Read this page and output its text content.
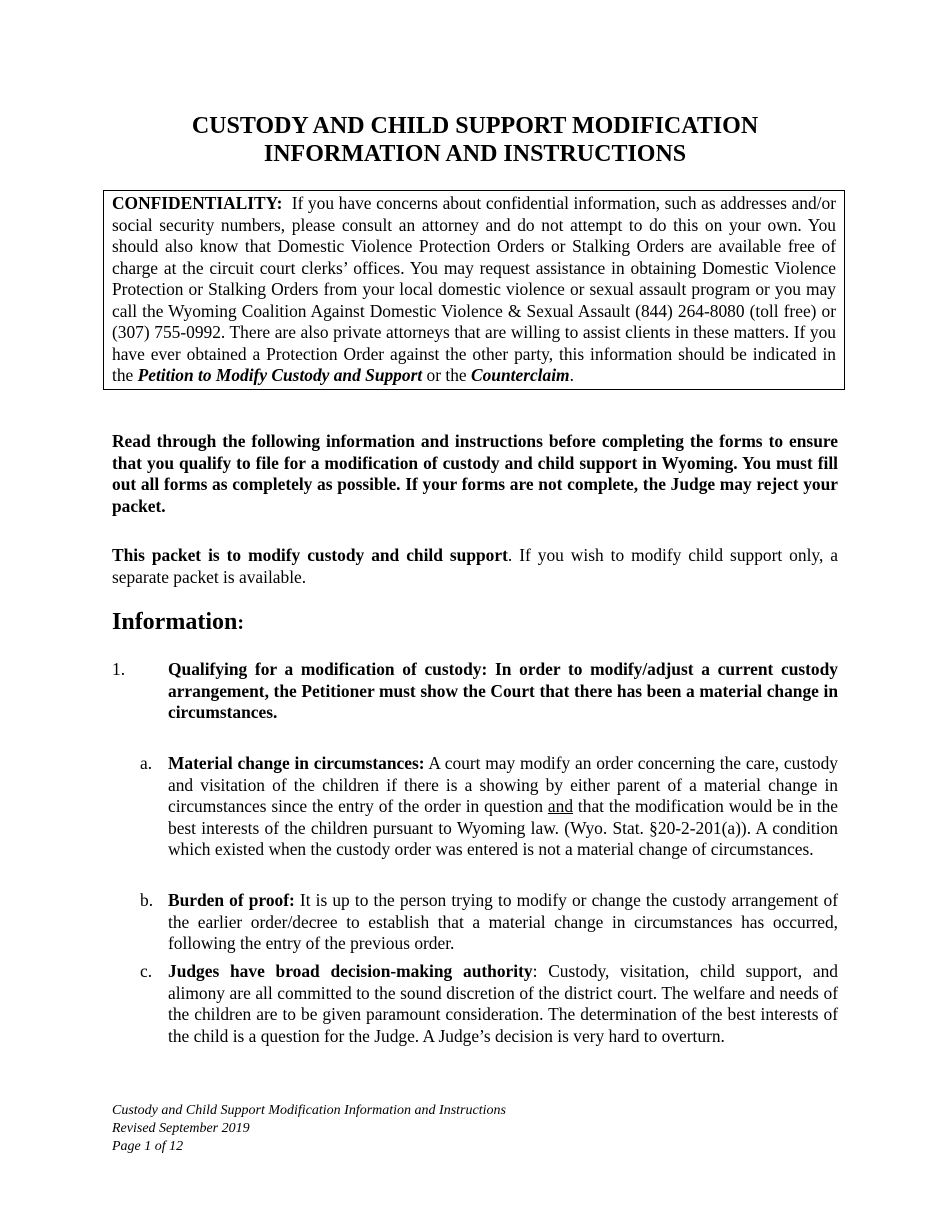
CUSTODY AND CHILD SUPPORT MODIFICATION
INFORMATION AND INSTRUCTIONS
CONFIDENTIALITY: If you have concerns about confidential information, such as addresses and/or social security numbers, please consult an attorney and do not attempt to do this on your own. You should also know that Domestic Violence Protection Orders or Stalking Orders are available free of charge at the circuit court clerks’ offices. You may request assistance in obtaining Domestic Violence Protection or Stalking Orders from your local domestic violence or sexual assault program or you may call the Wyoming Coalition Against Domestic Violence & Sexual Assault (844) 264-8080 (toll free) or (307) 755-0992. There are also private attorneys that are willing to assist clients in these matters. If you have ever obtained a Protection Order against the other party, this information should be indicated in the Petition to Modify Custody and Support or the Counterclaim.
Read through the following information and instructions before completing the forms to ensure that you qualify to file for a modification of custody and child support in Wyoming. You must fill out all forms as completely as possible. If your forms are not complete, the Judge may reject your packet.
This packet is to modify custody and child support. If you wish to modify child support only, a separate packet is available.
Information:
1. Qualifying for a modification of custody: In order to modify/adjust a current custody arrangement, the Petitioner must show the Court that there has been a material change in circumstances.
a. Material change in circumstances: A court may modify an order concerning the care, custody and visitation of the children if there is a showing by either parent of a material change in circumstances since the entry of the order in question and that the modification would be in the best interests of the children pursuant to Wyoming law. (Wyo. Stat. §20-2-201(a)). A condition which existed when the custody order was entered is not a material change of circumstances.
b. Burden of proof: It is up to the person trying to modify or change the custody arrangement of the earlier order/decree to establish that a material change in circumstances has occurred, following the entry of the previous order.
c. Judges have broad decision-making authority: Custody, visitation, child support, and alimony are all committed to the sound discretion of the district court. The welfare and needs of the children are to be given paramount consideration. The determination of the best interests of the child is a question for the Judge. A Judge’s decision is very hard to overturn.
Custody and Child Support Modification Information and Instructions
Revised September 2019
Page 1 of 12
